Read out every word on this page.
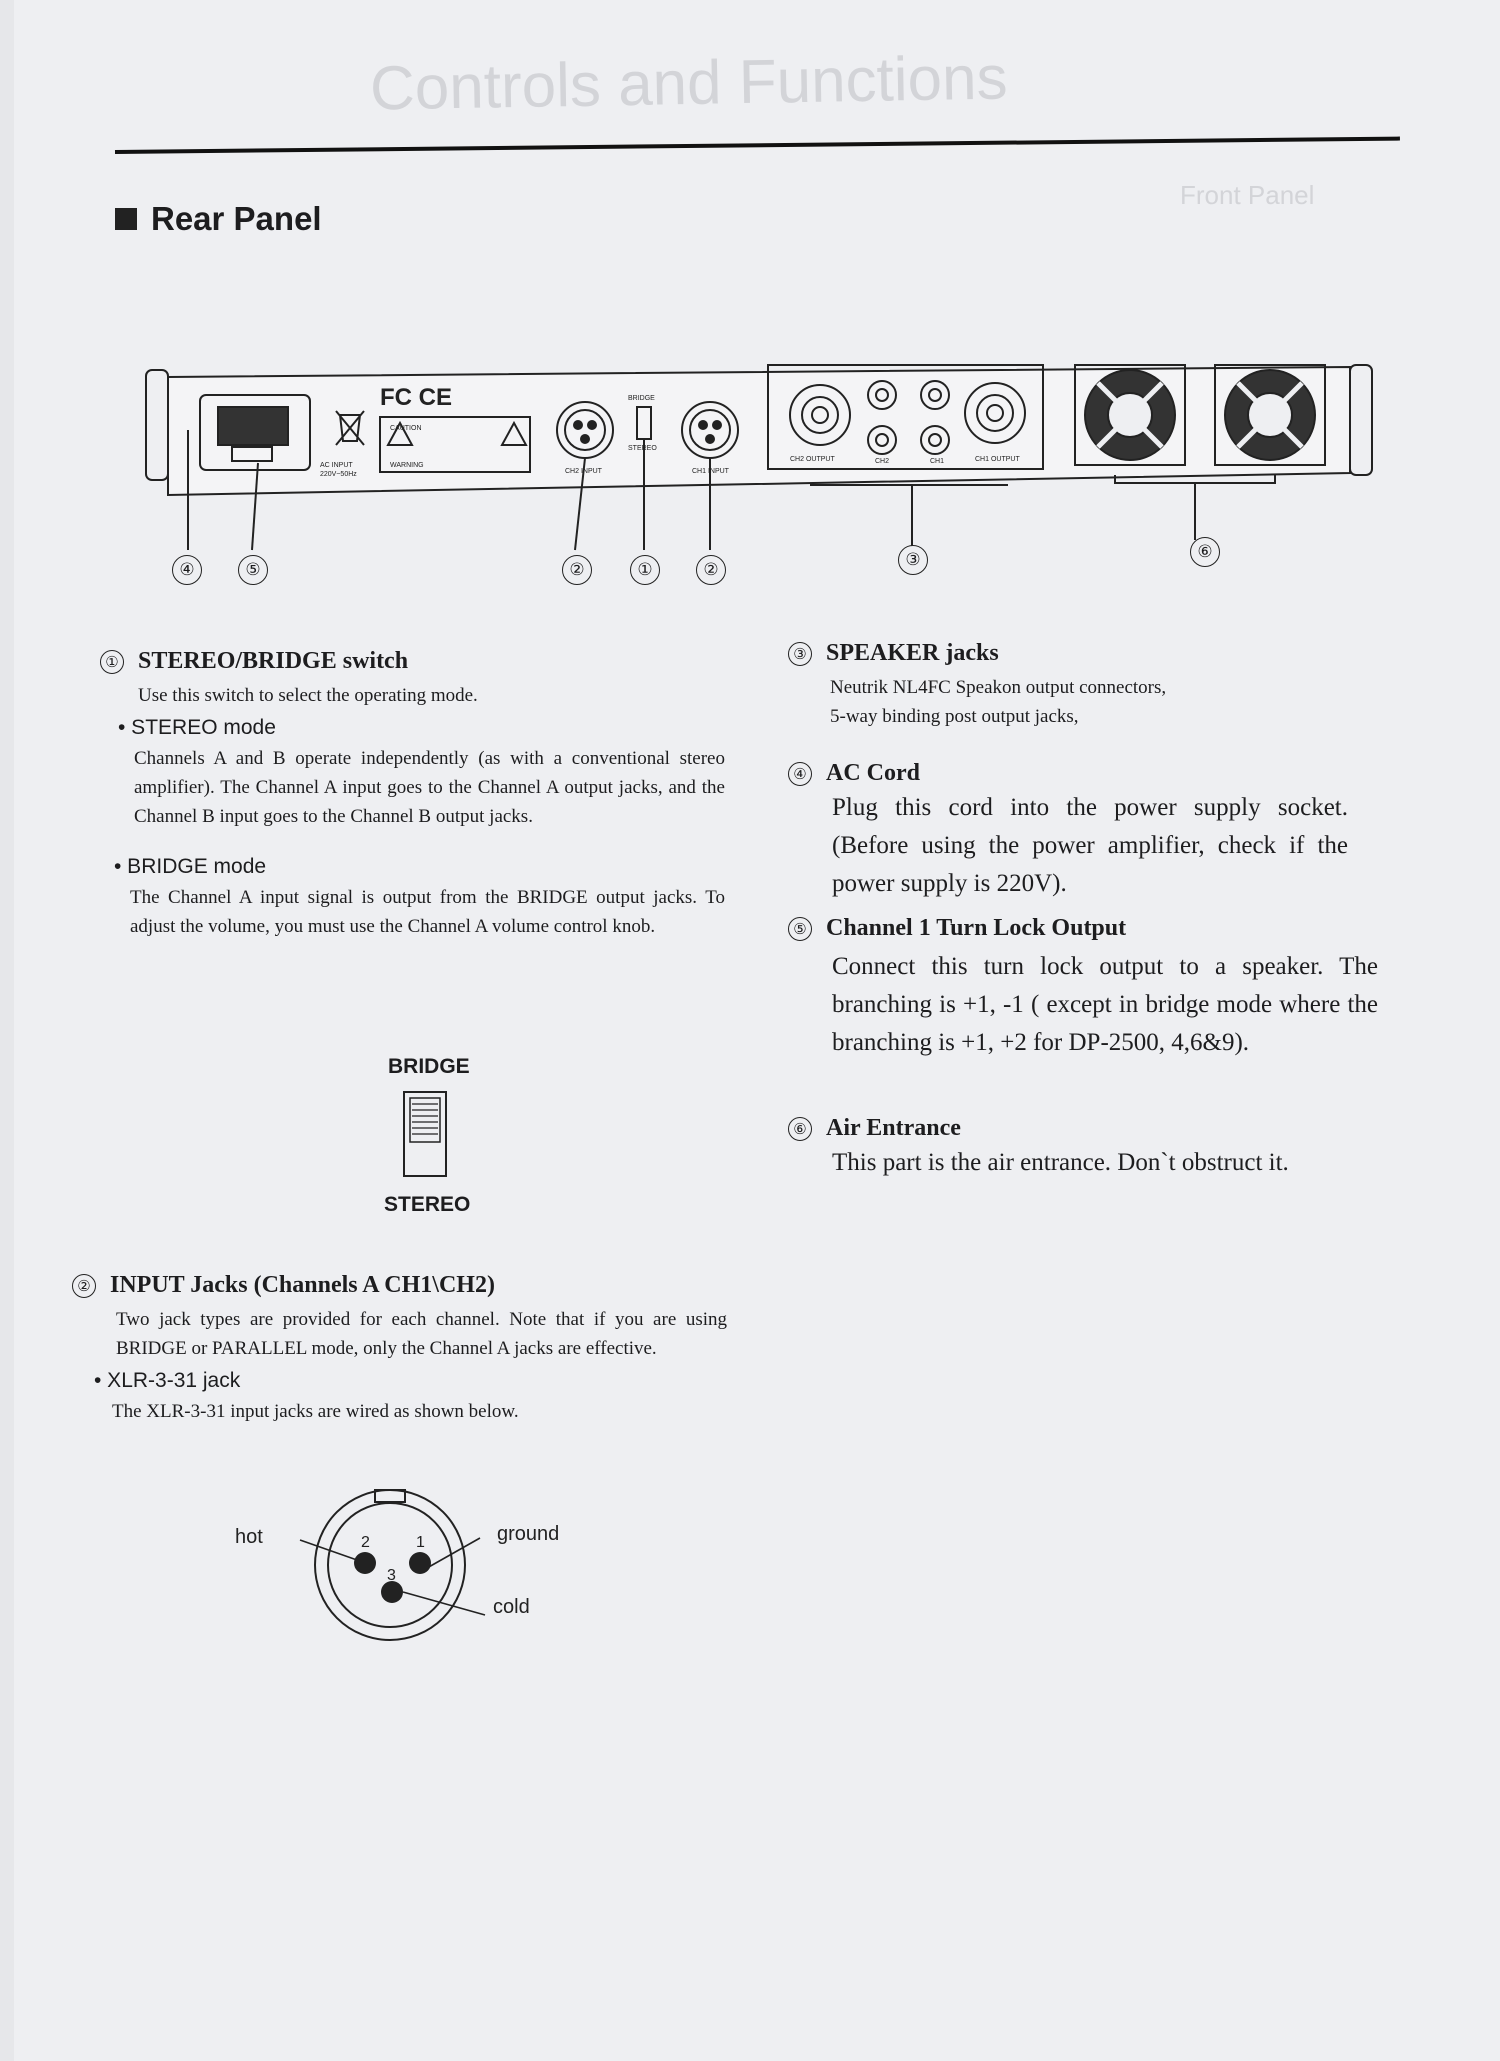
Controls and Functions
Front Panel
Rear Panel
CAUTION
WARNING
AC INPUT
220V~50Hz	CH2 INPUT
BRIDGE
STEREO
CH1 INPUT
CH2 OUTPUT	CH2	CH1	CH1 OUTPUT
FC CE
④	⑤	②	①	②
③	⑥
① STEREO/BRIDGE switch
Use this switch to select the operating mode.
• STEREO mode
Channels A and B operate independently (as with a conventional stereo amplifier). The Channel A input goes to the Channel A output jacks, and the Channel B input goes to the Channel B output jacks.
• BRIDGE mode
The Channel A input signal is output from the BRIDGE output jacks. To adjust the volume, you must use the Channel A volume control knob.
BRIDGE
STEREO
② INPUT Jacks (Channels A CH1\CH2)
Two jack types are provided for each channel. Note that if you are using BRIDGE or PARALLEL mode, only the Channel A jacks are effective.
• XLR-3-31 jack
The XLR-3-31 input jacks are wired as shown below.
hot	ground
cold
2	1
3
③ SPEAKER jacks
Neutrik NL4FC Speakon output connectors,
5-way binding post output jacks,
④ AC Cord
Plug this cord into the power supply socket. (Before using the power amplifier, check if the power supply is 220V).
⑤ Channel 1 Turn Lock Output
Connect this turn lock output to a speaker. The branching is +1, -1 ( except in bridge mode where the branching is +1, +2 for DP-2500, 4,6&9).
⑥ Air Entrance
This part is the air entrance. Don`t obstruct it.
